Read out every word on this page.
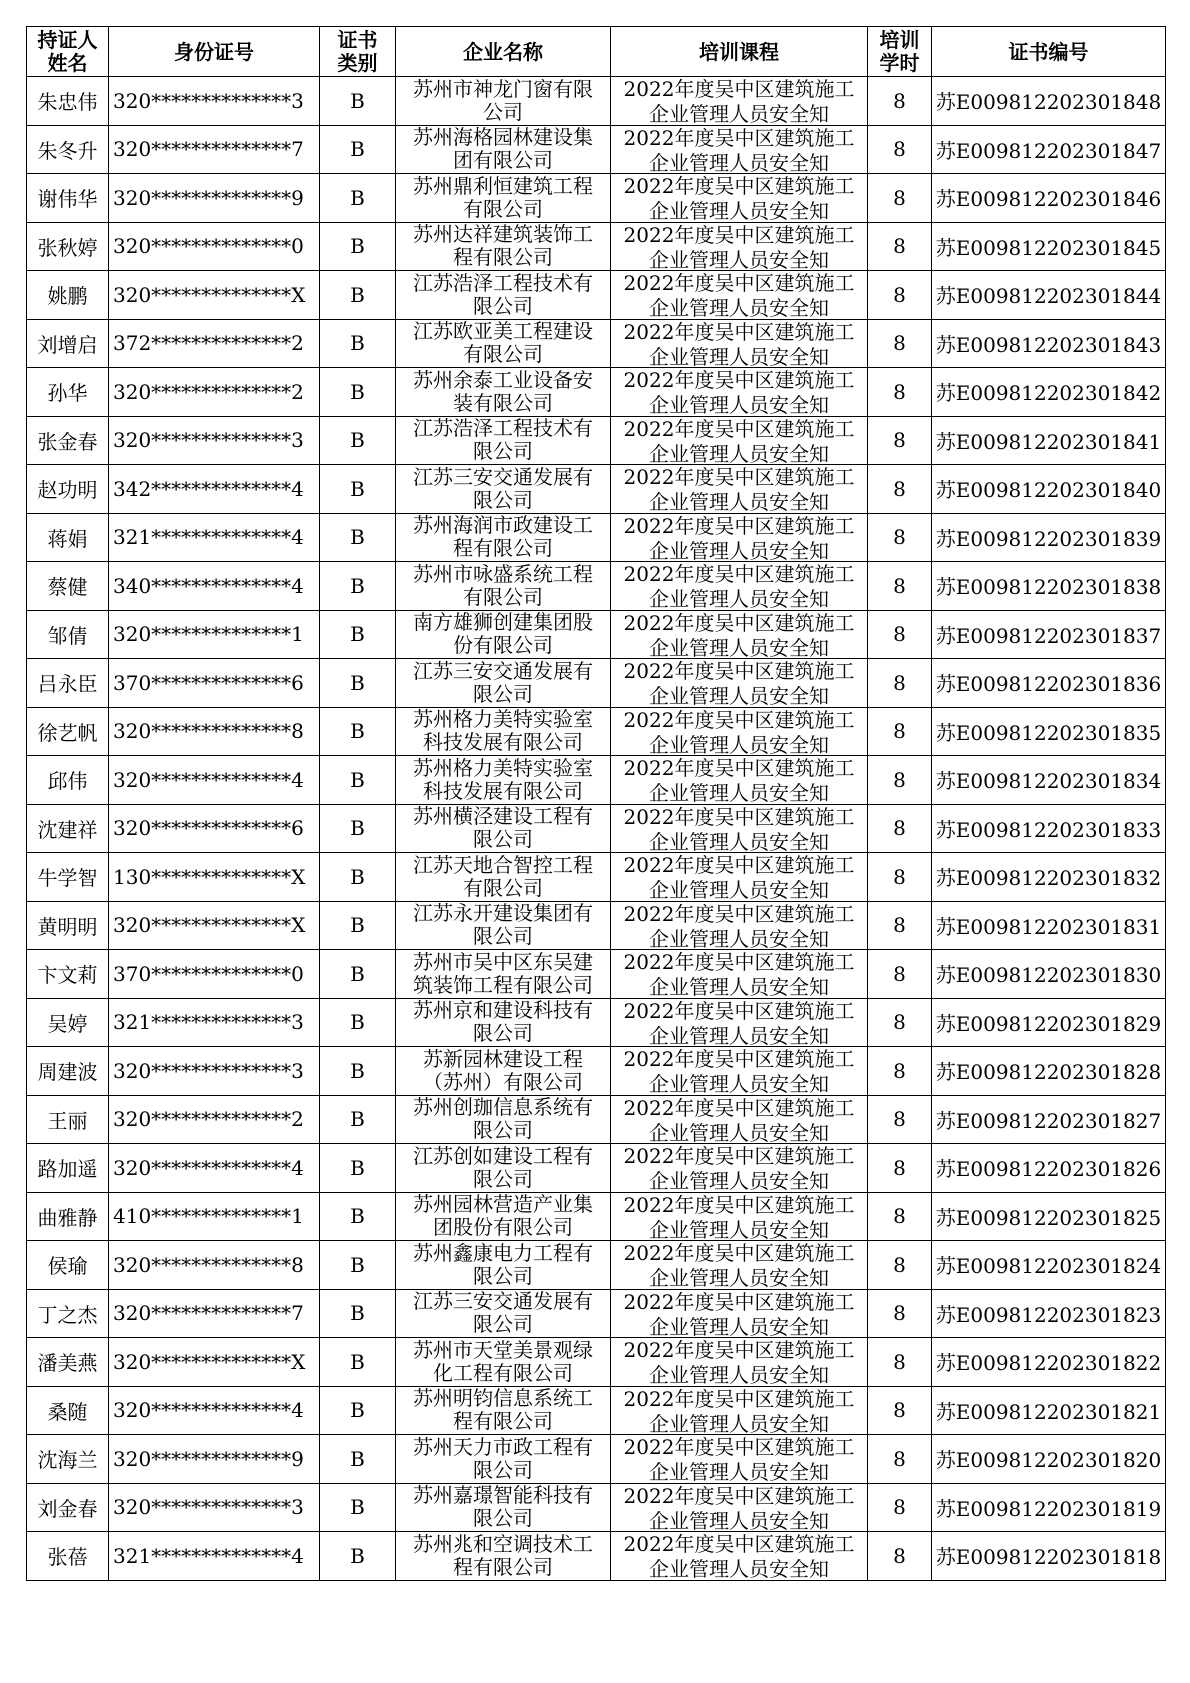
持证人姓名	身份证号	证书类别	企业名称	培训课程	培训学时	证书编号
朱忠伟	320**************3	B	苏州市神龙门窗有限公司	2022年度吴中区建筑施工企业管理人员安全知	8	苏E009812202301848
朱冬升	320**************7	B	苏州海格园林建设集团有限公司	2022年度吴中区建筑施工企业管理人员安全知	8	苏E009812202301847
谢伟华	320**************9	B	苏州鼎利恒建筑工程有限公司	2022年度吴中区建筑施工企业管理人员安全知	8	苏E009812202301846
张秋婷	320**************0	B	苏州达祥建筑装饰工程有限公司	2022年度吴中区建筑施工企业管理人员安全知	8	苏E009812202301845
姚鹏	320**************X	B	江苏浩泽工程技术有限公司	2022年度吴中区建筑施工企业管理人员安全知	8	苏E009812202301844
刘增启	372**************2	B	江苏欧亚美工程建设有限公司	2022年度吴中区建筑施工企业管理人员安全知	8	苏E009812202301843
孙华	320**************2	B	苏州余泰工业设备安装有限公司	2022年度吴中区建筑施工企业管理人员安全知	8	苏E009812202301842
张金春	320**************3	B	江苏浩泽工程技术有限公司	2022年度吴中区建筑施工企业管理人员安全知	8	苏E009812202301841
赵功明	342**************4	B	江苏三安交通发展有限公司	2022年度吴中区建筑施工企业管理人员安全知	8	苏E009812202301840
蒋娟	321**************4	B	苏州海润市政建设工程有限公司	2022年度吴中区建筑施工企业管理人员安全知	8	苏E009812202301839
蔡健	340**************4	B	苏州市咏盛系统工程有限公司	2022年度吴中区建筑施工企业管理人员安全知	8	苏E009812202301838
邹倩	320**************1	B	南方雄狮创建集团股份有限公司	2022年度吴中区建筑施工企业管理人员安全知	8	苏E009812202301837
吕永臣	370**************6	B	江苏三安交通发展有限公司	2022年度吴中区建筑施工企业管理人员安全知	8	苏E009812202301836
徐艺帆	320**************8	B	苏州格力美特实验室科技发展有限公司	2022年度吴中区建筑施工企业管理人员安全知	8	苏E009812202301835
邱伟	320**************4	B	苏州格力美特实验室科技发展有限公司	2022年度吴中区建筑施工企业管理人员安全知	8	苏E009812202301834
沈建祥	320**************6	B	苏州横泾建设工程有限公司	2022年度吴中区建筑施工企业管理人员安全知	8	苏E009812202301833
牛学智	130**************X	B	江苏天地合智控工程有限公司	2022年度吴中区建筑施工企业管理人员安全知	8	苏E009812202301832
黄明明	320**************X	B	江苏永开建设集团有限公司	2022年度吴中区建筑施工企业管理人员安全知	8	苏E009812202301831
卞文莉	370**************0	B	苏州市吴中区东吴建筑装饰工程有限公司	2022年度吴中区建筑施工企业管理人员安全知	8	苏E009812202301830
吴婷	321**************3	B	苏州京和建设科技有限公司	2022年度吴中区建筑施工企业管理人员安全知	8	苏E009812202301829
周建波	320**************3	B	苏新园林建设工程（苏州）有限公司	2022年度吴中区建筑施工企业管理人员安全知	8	苏E009812202301828
王丽	320**************2	B	苏州创珈信息系统有限公司	2022年度吴中区建筑施工企业管理人员安全知	8	苏E009812202301827
路加遥	320**************4	B	江苏创如建设工程有限公司	2022年度吴中区建筑施工企业管理人员安全知	8	苏E009812202301826
曲雅静	410**************1	B	苏州园林营造产业集团股份有限公司	2022年度吴中区建筑施工企业管理人员安全知	8	苏E009812202301825
侯瑜	320**************8	B	苏州鑫康电力工程有限公司	2022年度吴中区建筑施工企业管理人员安全知	8	苏E009812202301824
丁之杰	320**************7	B	江苏三安交通发展有限公司	2022年度吴中区建筑施工企业管理人员安全知	8	苏E009812202301823
潘美燕	320**************X	B	苏州市天堂美景观绿化工程有限公司	2022年度吴中区建筑施工企业管理人员安全知	8	苏E009812202301822
桑随	320**************4	B	苏州明钧信息系统工程有限公司	2022年度吴中区建筑施工企业管理人员安全知	8	苏E009812202301821
沈海兰	320**************9	B	苏州天力市政工程有限公司	2022年度吴中区建筑施工企业管理人员安全知	8	苏E009812202301820
刘金春	320**************3	B	苏州嘉璟智能科技有限公司	2022年度吴中区建筑施工企业管理人员安全知	8	苏E009812202301819
张蓓	321**************4	B	苏州兆和空调技术工程有限公司	2022年度吴中区建筑施工企业管理人员安全知	8	苏E009812202301818
